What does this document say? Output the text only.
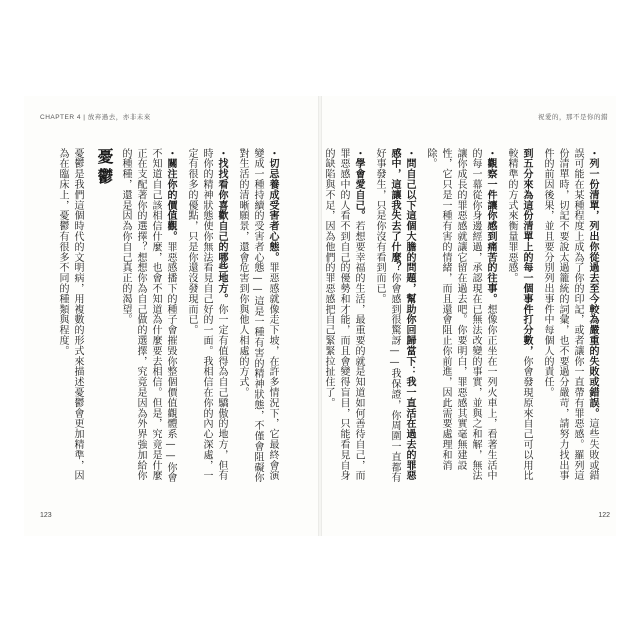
CHAPTER 4 | 放弃過去，亦非未來	祝愛的，那不是你的錯
・列一份清單，列出你從過去至今較為嚴重的失敗或錯誤。這些失敗或錯誤可能在某種程度上成為了你的印記，或者讓你一直帶有罪惡感。羅列這份清單時，切記不要說太過籠統的詞彙，也不要過分嚴苛，請努力找出事件的前因後果，並且要分別列出事件中每個人的責任。
到五分來為這份清單上的每一個事件打分數，你會發現原來自己可以用比較精準的方式來衡量罪惡感。
・觀察一件讓你感到痛苦的往事。想像你正坐在一列火車上，看著生活中的每一幕從你身邊經過，承認現在已無法改變的事實，並與之和解，無法讓你成長的罪惡感就讓它留在過去吧。你要明白，罪惡感其實毫無建設性，它只是一種有害的情緒，而且還會阻止你前進，因此需要處理和消除。
・問自己以下這個大膽的問題，幫助你回歸當下：我一直活在過去的罪惡感中，這讓我失去了什麼？你會感到很驚訝——我保證，你周圍一直都有好事發生，只是你沒有看到而已。
・學會愛自己。若想要幸福的生活，最重要的就是知道如何善待自己，而罪惡感中的人看不到自己的優勢和才能，而且會變得盲目，只能看見自身的缺陷與不足，因為他們的罪惡感把自己緊緊拉扯住了。
・切忌養成受害者心態。罪惡感就像走下坡，在許多情況下，它最終會演變成一種持續的受害者心態——這是一種有害的精神狀態，不僅會阻礙你對生活的清晰願景，還會危害到你與他人相處的方式。
・找找看你喜歡自己的哪些地方。你一定有值得為自己驕傲的地方，但有時你的精神狀態使你無法看見自己好的一面。我相信在你的內心深處，一定有很多的優點，只是你還沒發現而已。
・關注你的價值觀。罪惡感播下的種子會摧毀你整個價值觀體系——你會不知道自己該相信什麼，也會不知道為什麼要去相信。但是，究竟是什麼正在支配著你的選擇？想想你為自己做的選擇，究竟是因為外界強加給你的種種，還是因為你自己真正的渴望。
憂鬱
憂鬱是我們這個時代的文明病，用複數的形式來描述憂鬱會更加精準，因為在臨床上，憂鬱有很多不同的種類與程度。
123	122
